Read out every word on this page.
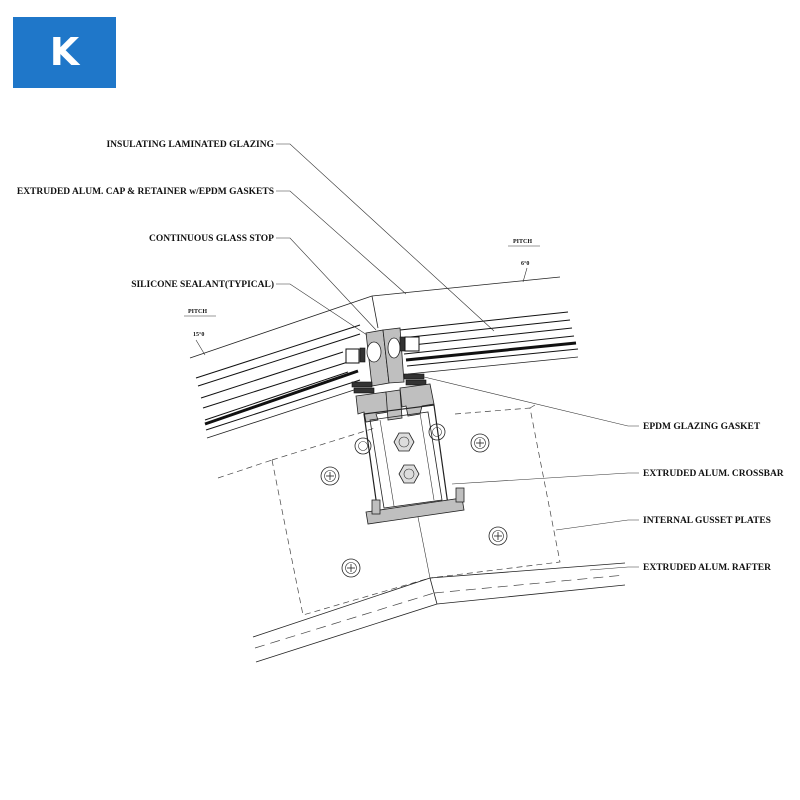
K
INSULATING LAMINATED GLAZING
EXTRUDED ALUM. CAP & RETAINER w/EPDM GASKETS
CONTINUOUS GLASS STOP
SILICONE SEALANT(TYPICAL)
EPDM GLAZING GASKET
EXTRUDED ALUM. CROSSBAR
INTERNAL GUSSET PLATES
EXTRUDED ALUM. RAFTER
PITCH
15°0
PITCH
6°0
